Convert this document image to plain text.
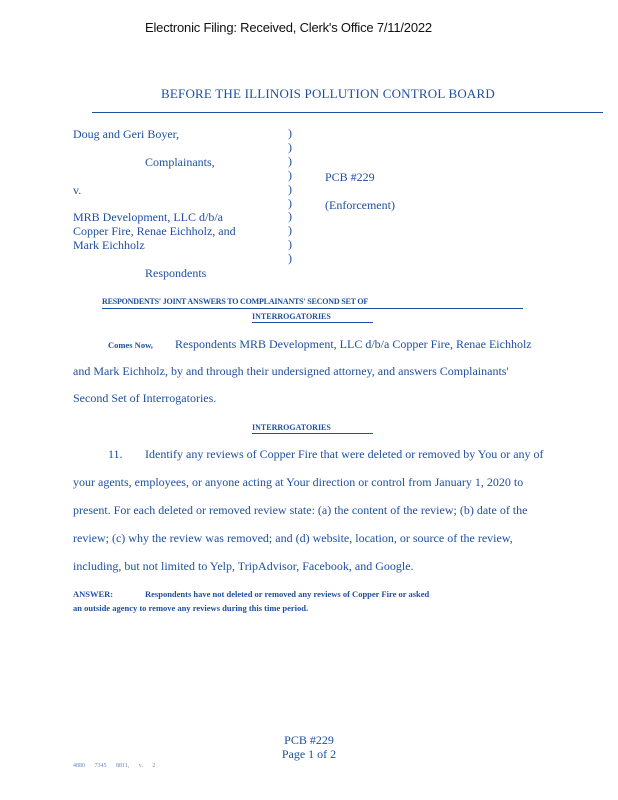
Electronic Filing: Received, Clerk's Office 7/11/2022
BEFORE THE ILLINOIS POLLUTION CONTROL BOARD
Doug and Geri Boyer,
Complainants,
v.
MRB Development, LLC d/b/a
Copper Fire, Renae Eichholz, and
Mark Eichholz
Respondents
)
)
)
)
)
)
)
)
)
)
PCB #229
(Enforcement)
RESPONDENTS' JOINT ANSWERS TO COMPLAINANTS' SECOND SET OF
INTERROGATORIES
Comes Now, Respondents MRB Development, LLC d/b/a Copper Fire, Renae Eichholz
and Mark Eichholz, by and through their undersigned attorney, and answers Complainants'
Second Set of Interrogatories.
INTERROGATORIES
11. Identify any reviews of Copper Fire that were deleted or removed by You or any of
your agents, employees, or anyone acting at Your direction or control from January 1, 2020 to
present. For each deleted or removed review state: (a) the content of the review; (b) date of the
review; (c) why the review was removed; and (d) website, location, or source of the review,
including, but not limited to Yelp, TripAdvisor, Facebook, and Google.
ANSWER:	Respondents have not deleted or removed any reviews of Copper Fire or asked
an outside agency to remove any reviews during this time period.
PCB #229
Page 1 of 2
4880 7345 8811, v. 2
